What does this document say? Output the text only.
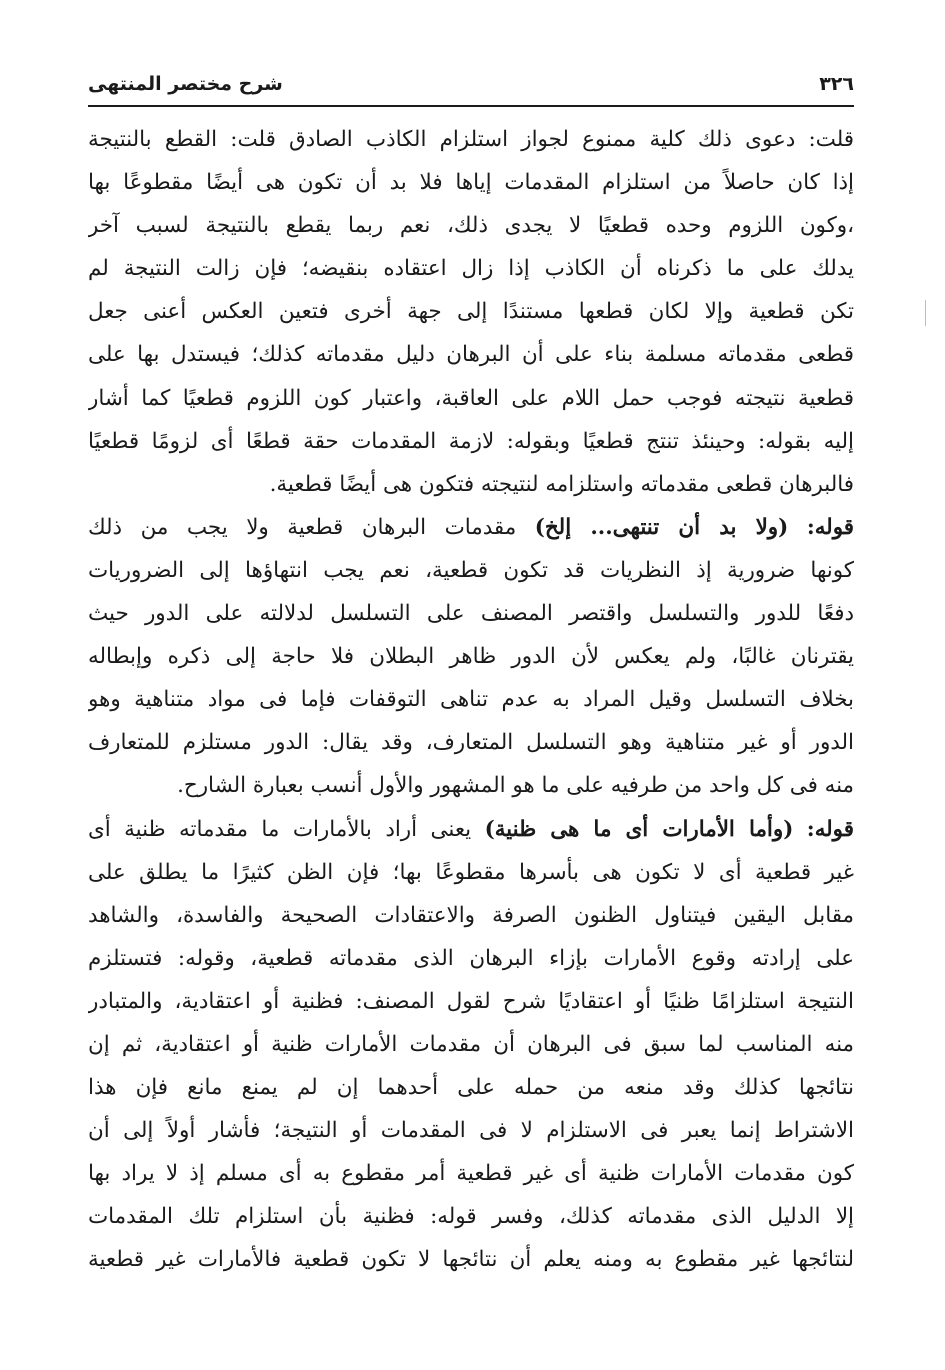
٣٢٦
شرح مختصر المنتهى
قلت: دعوى ذلك كلية ممنوع لجواز استلزام الكاذب الصادق قلت: القطع بالنتيجة
إذا كان حاصلاً من استلزام المقدمات إياها فلا بد أن تكون هى أيضًا مقطوعًا بها
،وكون اللزوم وحده قطعيًا لا يجدى ذلك، نعم ربما يقطع بالنتيجة لسبب آخر
يدلك على ما ذكرناه أن الكاذب إذا زال اعتقاده بنقيضه؛ فإن زالت النتيجة لم
تكن قطعية وإلا لكان قطعها مستندًا إلى جهة أخرى فتعين العكس أعنى جعل
قطعى مقدماته مسلمة بناء على أن البرهان دليل مقدماته كذلك؛ فيستدل بها على
قطعية نتيجته فوجب حمل اللام على العاقبة، واعتبار كون اللزوم قطعيًا كما أشار
إليه بقوله: وحينئذ تنتج قطعيًا وبقوله: لازمة المقدمات حقة قطعًا أى لزومًا قطعيًا
فالبرهان قطعى مقدماته واستلزامه لنتيجته فتكون هى أيضًا قطعية.
قوله: (ولا بد أن تنتهى... إلخ) مقدمات البرهان قطعية ولا يجب من ذلك
كونها ضرورية إذ النظريات قد تكون قطعية، نعم يجب انتهاؤها إلى الضروريات
دفعًا للدور والتسلسل واقتصر المصنف على التسلسل لدلالته على الدور حيث
يقترنان غالبًا، ولم يعكس لأن الدور ظاهر البطلان فلا حاجة إلى ذكره وإبطاله
بخلاف التسلسل وقيل المراد به عدم تناهى التوقفات فإما فى مواد متناهية وهو
الدور أو غير متناهية وهو التسلسل المتعارف، وقد يقال: الدور مستلزم للمتعارف
منه فى كل واحد من طرفيه على ما هو المشهور والأول أنسب بعبارة الشارح.
قوله: (وأما الأمارات أى ما هى ظنية) يعنى أراد بالأمارات ما مقدماته ظنية أى
غير قطعية أى لا تكون هى بأسرها مقطوعًا بها؛ فإن الظن كثيرًا ما يطلق على
مقابل اليقين فيتناول الظنون الصرفة والاعتقادات الصحيحة والفاسدة، والشاهد
على إرادته وقوع الأمارات بإزاء البرهان الذى مقدماته قطعية، وقوله: فتستلزم
النتيجة استلزامًا ظنيًا أو اعتقاديًا شرح لقول المصنف: فظنية أو اعتقادية، والمتبادر
منه المناسب لما سبق فى البرهان أن مقدمات الأمارات ظنية أو اعتقادية، ثم إن
نتائجها كذلك وقد منعه من حمله على أحدهما إن لم يمنع مانع فإن هذا
الاشتراط إنما يعبر فى الاستلزام لا فى المقدمات أو النتيجة؛ فأشار أولاً إلى أن
كون مقدمات الأمارات ظنية أى غير قطعية أمر مقطوع به أى مسلم إذ لا يراد بها
إلا الدليل الذى مقدماته كذلك، وفسر قوله: فظنية بأن استلزام تلك المقدمات
لنتائجها غير مقطوع به ومنه يعلم أن نتائجها لا تكون قطعية فالأمارات غير قطعية
